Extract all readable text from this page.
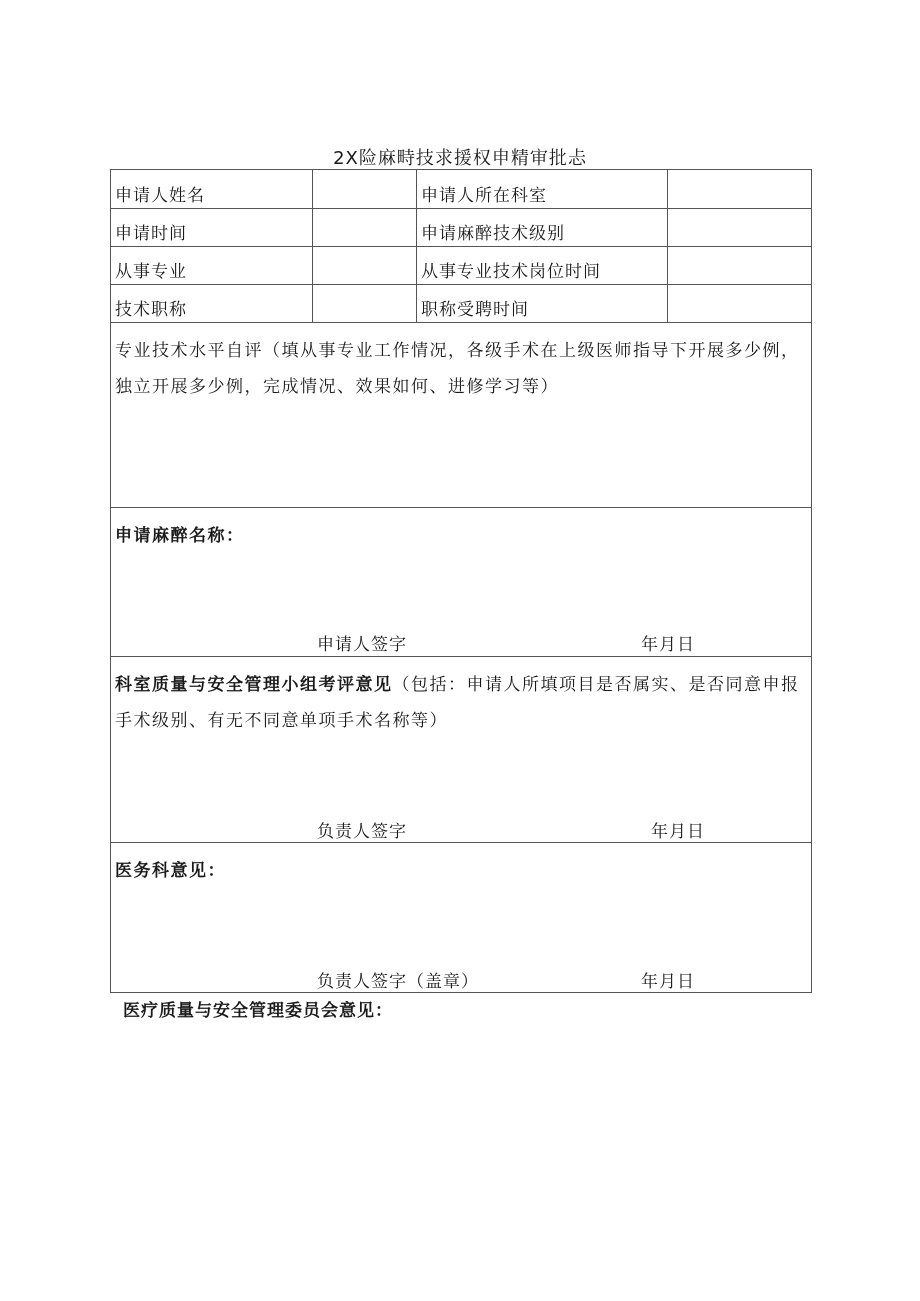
2X险麻畤技求援权申精审批忐
申请人姓名	申请人所在科室
申请时间	申请麻醉技术级别
从事专业	从事专业技术岗位时间
技术职称	职称受聘时间
专业技术水平自评（填从事专业工作情况，各级手术在上级医师指导下开展多少例，独立开展多少例，完成情况、效果如何、进修学习等）
申请麻醉名称：
申请人签字	年月日
科室质量与安全管理小组考评意见（包括：申请人所填项目是否属实、是否同意申报手术级别、有无不同意单项手术名称等）
负责人签字	年月日
医务科意见：
负责人签字（盖章）	年月日
医疗质量与安全管理委员会意见：
